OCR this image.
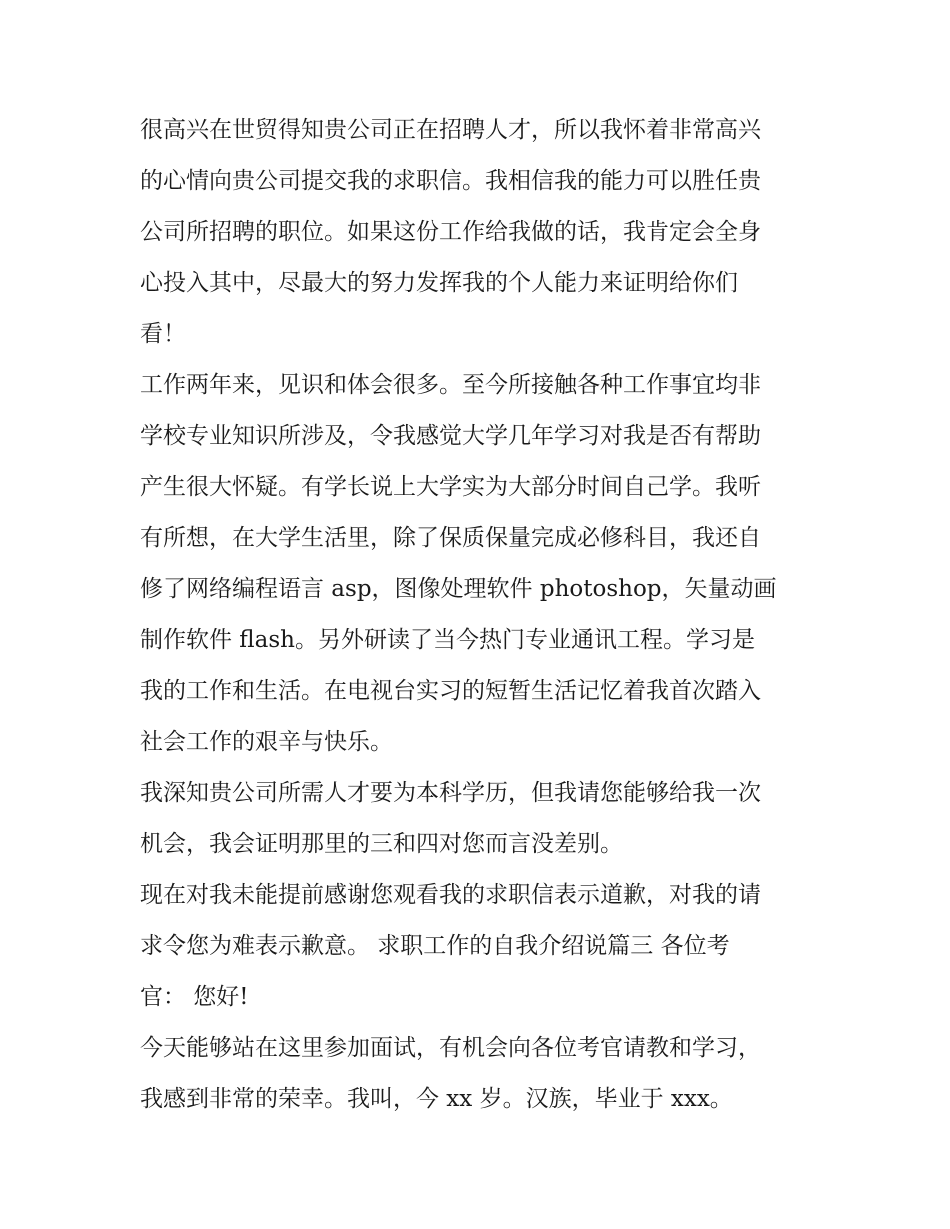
很高兴在世贸得知贵公司正在招聘人才，所以我怀着非常高兴
的心情向贵公司提交我的求职信。我相信我的能力可以胜任贵
公司所招聘的职位。如果这份工作给我做的话，我肯定会全身
心投入其中，尽最大的努力发挥我的个人能力来证明给你们
看！
工作两年来，见识和体会很多。至今所接触各种工作事宜均非
学校专业知识所涉及，令我感觉大学几年学习对我是否有帮助
产生很大怀疑。有学长说上大学实为大部分时间自己学。我听
有所想，在大学生活里，除了保质保量完成必修科目，我还自
修了网络编程语言 asp，图像处理软件 photoshop，矢量动画
制作软件 flash。另外研读了当今热门专业通讯工程。学习是
我的工作和生活。在电视台实习的短暂生活记忆着我首次踏入
社会工作的艰辛与快乐。
我深知贵公司所需人才要为本科学历，但我请您能够给我一次
机会，我会证明那里的三和四对您而言没差别。
现在对我未能提前感谢您观看我的求职信表示道歉，对我的请
求令您为难表示歉意。 求职工作的自我介绍说篇三 各位考
官： 您好!
今天能够站在这里参加面试，有机会向各位考官请教和学习，
我感到非常的荣幸。我叫，今 xx 岁。汉族，毕业于 xxx。
